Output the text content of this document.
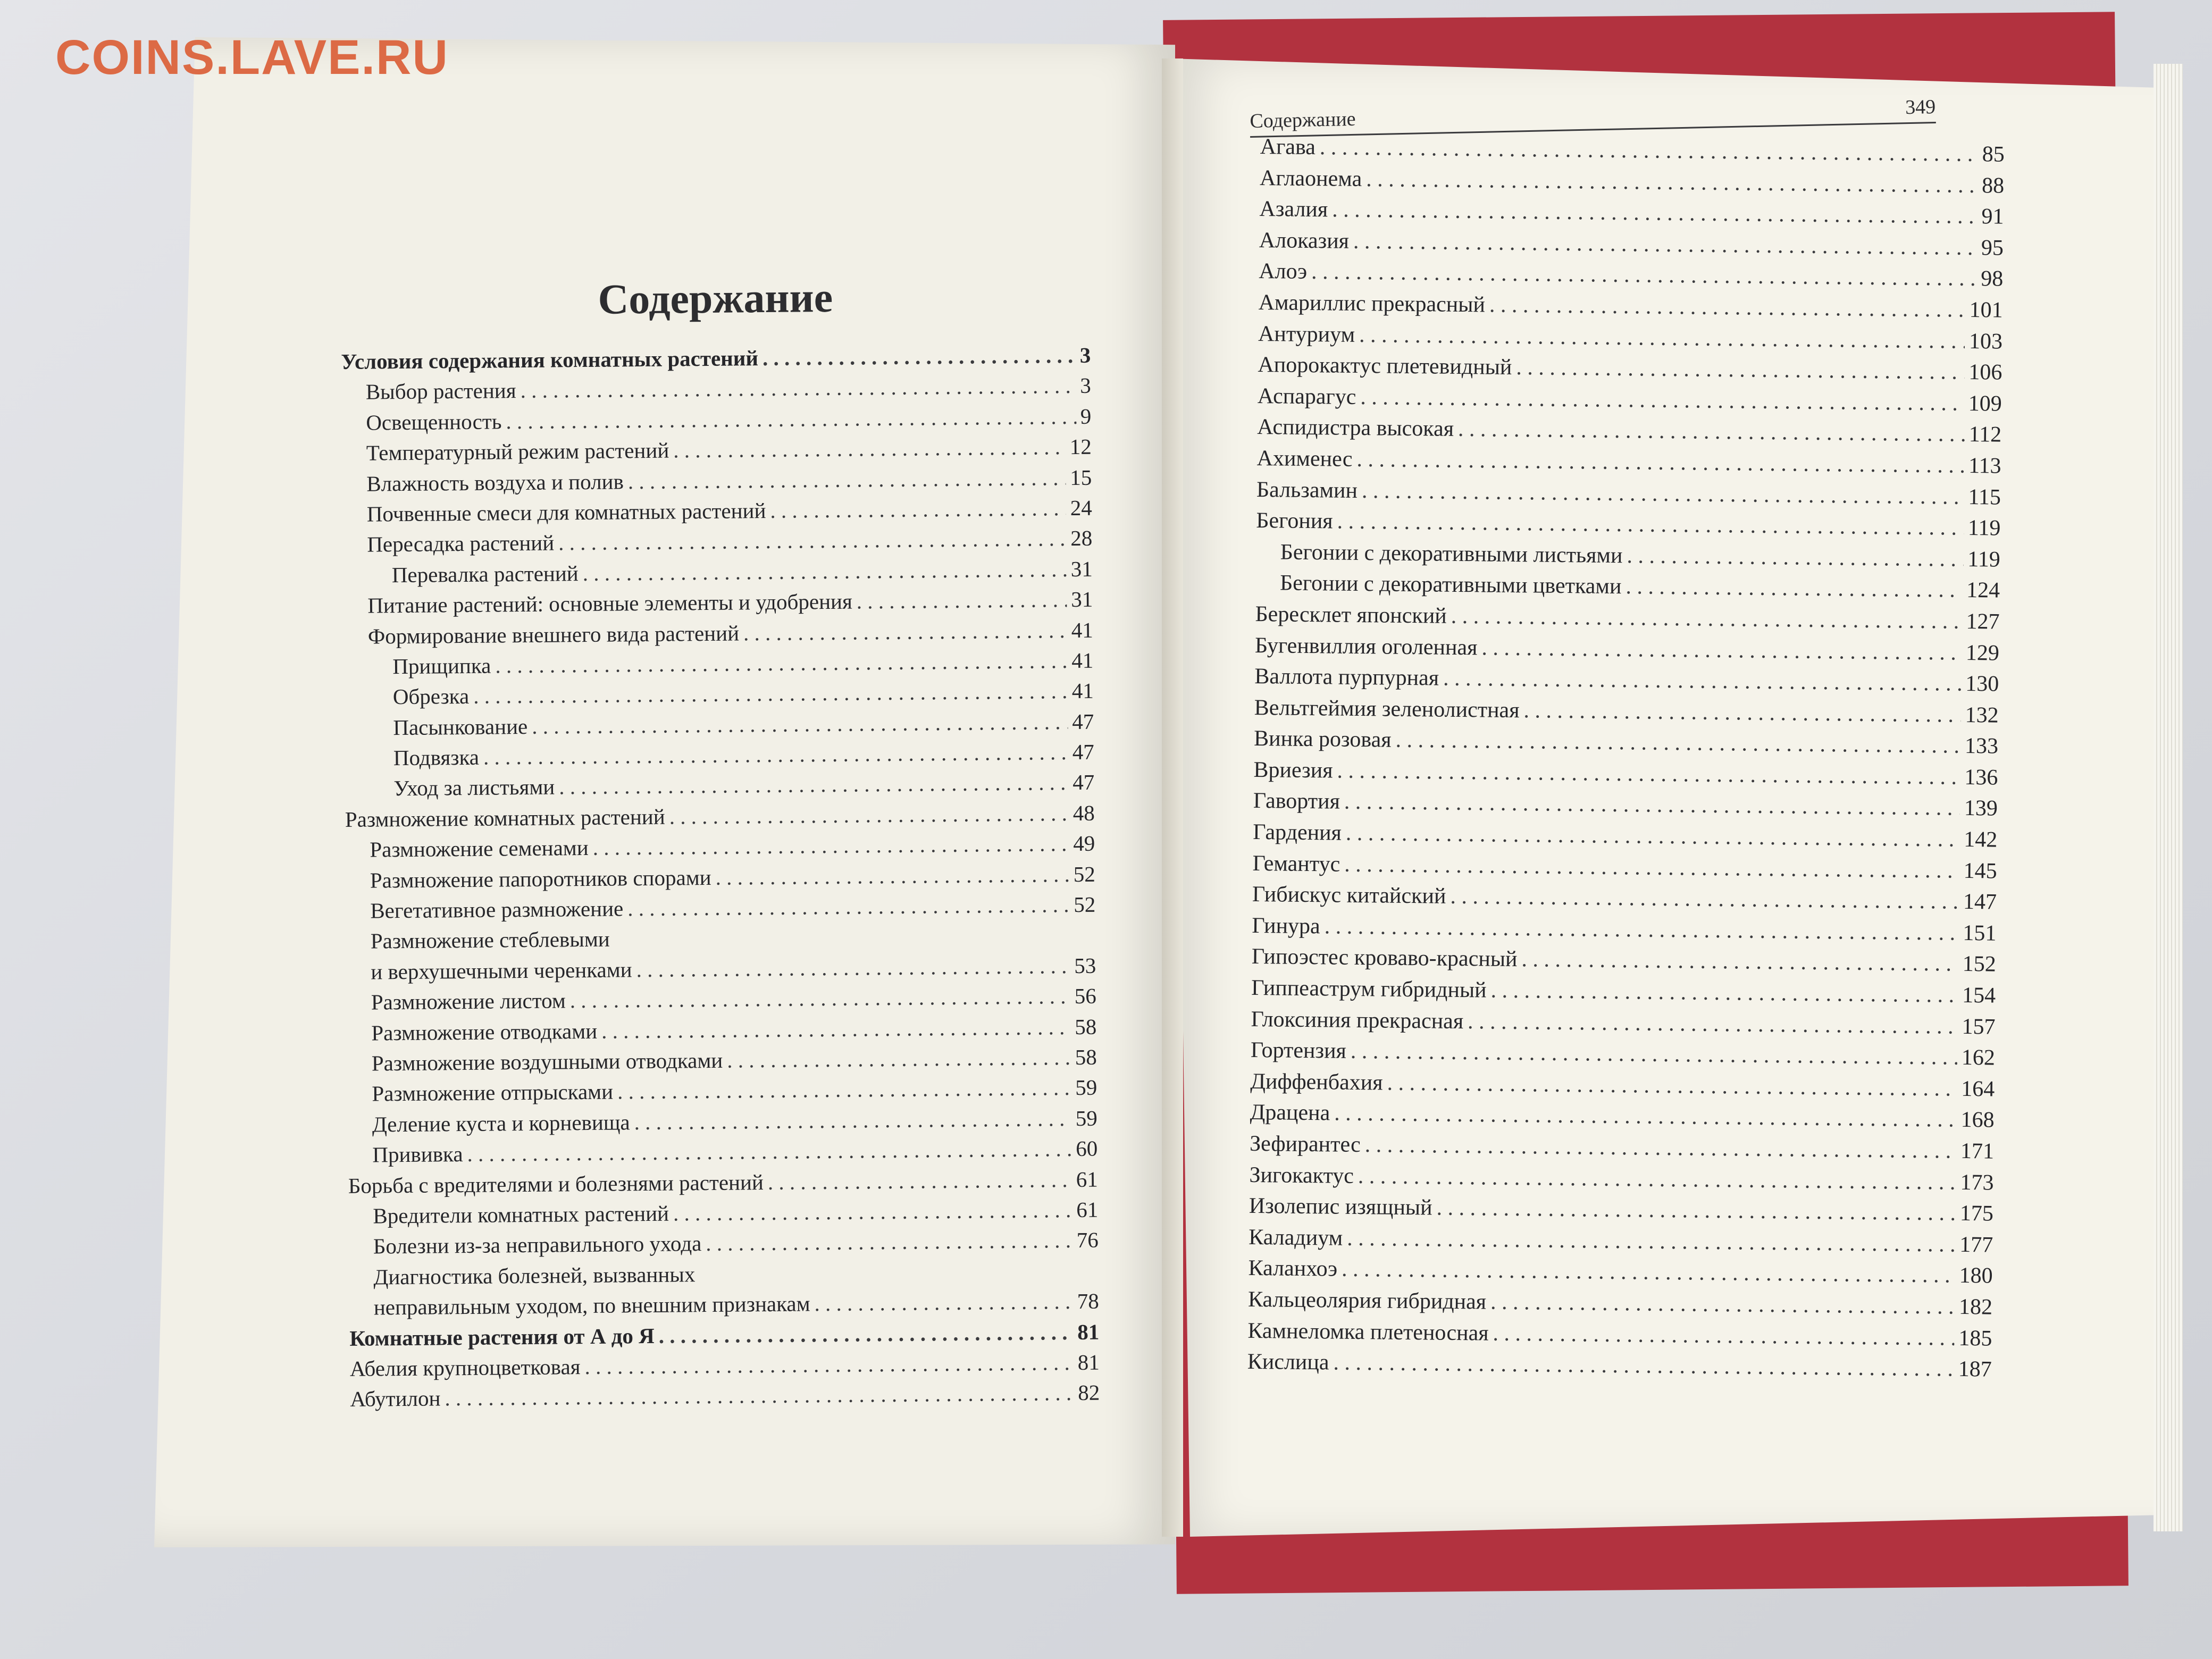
COINS.LAVE.RU
Содержание
349
Содержание
Условия содержания комнатных растений . . .	3
Выбор растения . . .	3
Освещенность . . .	9
Температурный режим растений . . .	12
Влажность воздуха и полив . . .	15
Почвенные смеси для комнатных растений . . .	24
Пересадка растений . . .	28
Перевалка растений . . .	31
Питание растений: основные элементы и удобрения . . .	31
Формирование внешнего вида растений . . .	41
Прищипка . . .	41
Обрезка . . .	41
Пасынкование . . .	47
Подвязка . . .	47
Уход за листьями . . .	47
Размножение комнатных растений . . .	48
Размножение семенами . . .	49
Размножение папоротников спорами . . .	52
Вегетативное размножение . . .	52
Размножение стеблевыми
и верхушечными черенками . . .	53
Размножение листом . . .	56
Размножение отводками . . .	58
Размножение воздушными отводками . . .	58
Размножение отпрысками . . .	59
Деление куста и корневища . . .	59
Прививка . . .	60
Борьба с вредителями и болезнями растений . . .	61
Вредители комнатных растений . . .	61
Болезни из-за неправильного ухода . . .	76
Диагностика болезней, вызванных
неправильным уходом, по внешним признакам . . .	78
Комнатные растения от А до Я . . .	81
Абелия крупноцветковая . . .	81
Абутилон . . .	82
Агава . . .	85
Аглаонема . . .	88
Азалия . . .	91
Алоказия . . .	95
Алоэ . . .	98
Амариллис прекрасный . . .	101
Антуриум . . .	103
Апорокактус плетевидный . . .	106
Аспарагус . . .	109
Аспидистра высокая . . .	112
Ахименес . . .	113
Бальзамин . . .	115
Бегония . . .	119
Бегонии с декоративными листьями . . .	119
Бегонии с декоративными цветками . . .	124
Бересклет японский . . .	127
Бугенвиллия оголенная . . .	129
Валлота пурпурная . . .	130
Вельтгеймия зеленолистная . . .	132
Винка розовая . . .	133
Вриезия . . .	136
Гавортия . . .	139
Гардения . . .	142
Гемантус . . .	145
Гибискус китайский . . .	147
Гинура . . .	151
Гипоэстес кроваво-красный . . .	152
Гиппеаструм гибридный . . .	154
Глоксиния прекрасная . . .	157
Гортензия . . .	162
Диффенбахия . . .	164
Драцена . . .	168
Зефирантес . . .	171
Зигокактус . . .	173
Изолепис изящный . . .	175
Каладиум . . .	177
Каланхоэ . . .	180
Кальцеолярия гибридная . . .	182
Камнеломка плетеносная . . .	185
Кислица . . .	187
